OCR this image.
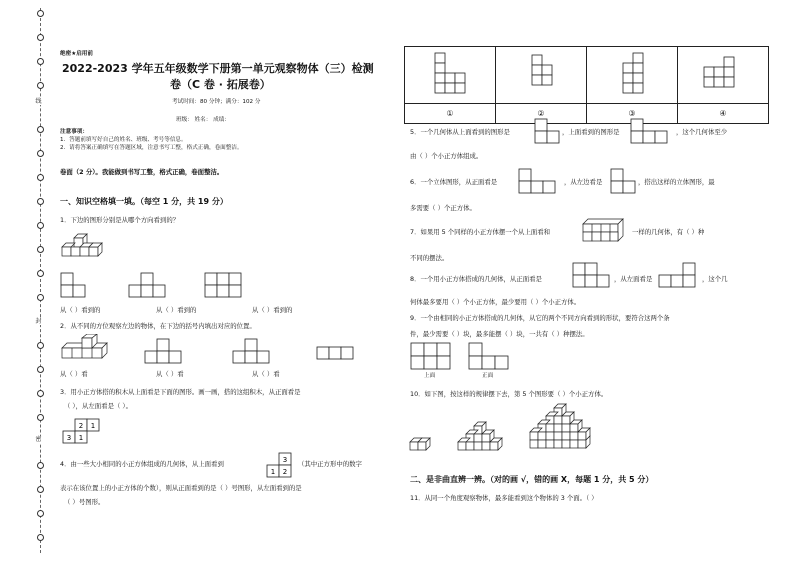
线
封
密
绝密★启用前
2022-2023 学年五年级数学下册第一单元观察物体（三）检测
卷（C 卷 · 拓展卷）
考试时间：80 分钟；满分：102 分
班级： 姓名： 成绩：
注意事项：
1．答题前填写好自己的姓名、班级、考号等信息。
2．请将答案正确填写在答题区域，注意书写工整，格式正确，卷面整洁。
卷面（2 分）。我能做到书写工整，格式正确，卷面整洁。
一、知识空格填一填。（每空 1 分，共 19 分）
1．下边的图形分别是从哪个方向看到的？
从（ ）看到的	从（ ）看到的	从（ ）看到的
2．从不同的方位观察左边的物体，在下边的括号内填出对应的位置。
从（ ）看	从（ ）看	从（ ）看
3．用小正方体搭的积木从上面看是下面的图形。画一画，搭的这组积木，从正面看是
（ ），从左面看是（ ）。
2 1
3 1
4．由一些大小相同的小正方体组成的几何体，从上面看到	3
1 2
（其中正方形中的数字
表示在该位置上的小正方体的个数），则从正面看到的是（ ）号图形，从左面看到的是
（ ）号图形。

①	②	③	④
5．一个几何体从上面看到的图形是	，上面看到的图形是	，这个几何体至少
由（ ）个小正方体组成。
6．一个立体图形，从正面看是	，从左边看是	，搭出这样的立体图形，最
多需要（ ）个正方体。
7．如果用 5 个同样的小正方体摆一个从上面看和	一样的几何体，有（ ）种
不同的摆法。
8．一个用小正方体搭成的几何体，从正面看是	，从左面看是	，这个几
何体最多要用（ ）个小正方体，最少要用（ ）个小正方体。
9．一个由相同的小正方体搭成的几何体，从它的两个不同方向看到的形状，要符合这两个条
件，最少需要（ ）块，最多能摆（ ）块，一共有（ ）种摆法。
上面	正面
10．如下图，按这样的规律摆下去，第 5 个图形要（ ）个小正方体。
二、是非曲直辨一辨。（对的画 √，错的画 X，每题 1 分，共 5 分）
11．从同一个角度观察物体，最多能看到这个物体的 3 个面。（ ）
